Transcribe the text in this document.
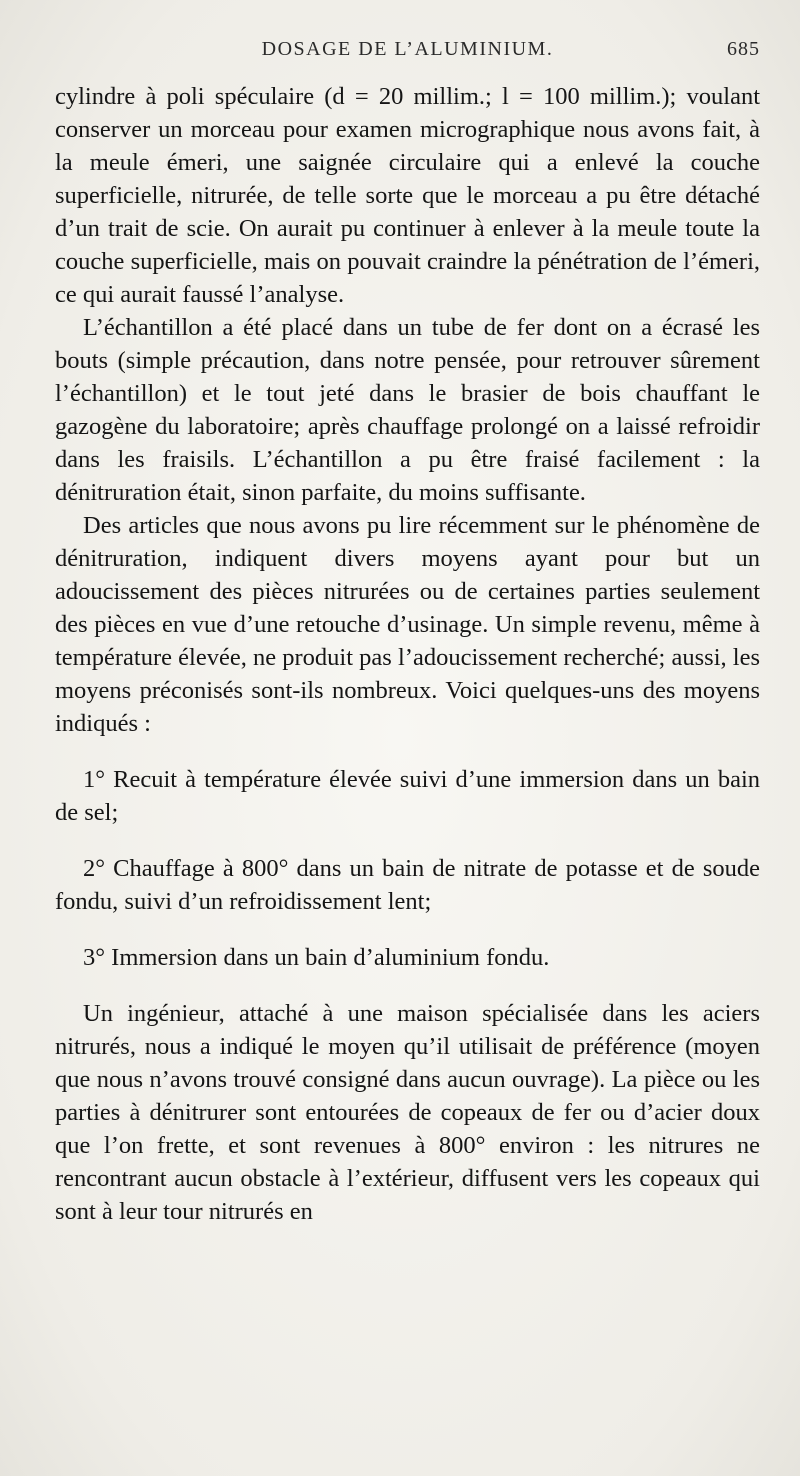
DOSAGE DE L’ALUMINIUM.	685

cylindre à poli spéculaire (d = 20 millim.; l = 100 millim.); voulant conserver un morceau pour examen micrographique nous avons fait, à la meule émeri, une saignée circulaire qui a enlevé la couche superficielle, nitrurée, de telle sorte que le morceau a pu être détaché d’un trait de scie. On aurait pu continuer à enlever à la meule toute la couche superficielle, mais on pouvait craindre la pénétration de l’émeri, ce qui aurait faussé l’analyse.

L’échantillon a été placé dans un tube de fer dont on a écrasé les bouts (simple précaution, dans notre pensée, pour retrouver sûrement l’échantillon) et le tout jeté dans le brasier de bois chauffant le gazogène du laboratoire; après chauffage prolongé on a laissé refroidir dans les fraisils. L’échantillon a pu être fraisé facilement : la dénitruration était, sinon parfaite, du moins suffisante.

Des articles que nous avons pu lire récemment sur le phénomène de dénitruration, indiquent divers moyens ayant pour but un adoucissement des pièces nitrurées ou de certaines parties seulement des pièces en vue d’une retouche d’usinage. Un simple revenu, même à température élevée, ne produit pas l’adoucissement recherché; aussi, les moyens préconisés sont-ils nombreux. Voici quelques-uns des moyens indiqués :

1° Recuit à température élevée suivi d’une immersion dans un bain de sel;

2° Chauffage à 800° dans un bain de nitrate de potasse et de soude fondu, suivi d’un refroidissement lent;

3° Immersion dans un bain d’aluminium fondu.

Un ingénieur, attaché à une maison spécialisée dans les aciers nitrurés, nous a indiqué le moyen qu’il utilisait de préférence (moyen que nous n’avons trouvé consigné dans aucun ouvrage). La pièce ou les parties à dénitrurer sont entourées de copeaux de fer ou d’acier doux que l’on frette, et sont revenues à 800° environ : les nitrures ne rencontrant aucun obstacle à l’extérieur, diffusent vers les copeaux qui sont à leur tour nitrurés en
